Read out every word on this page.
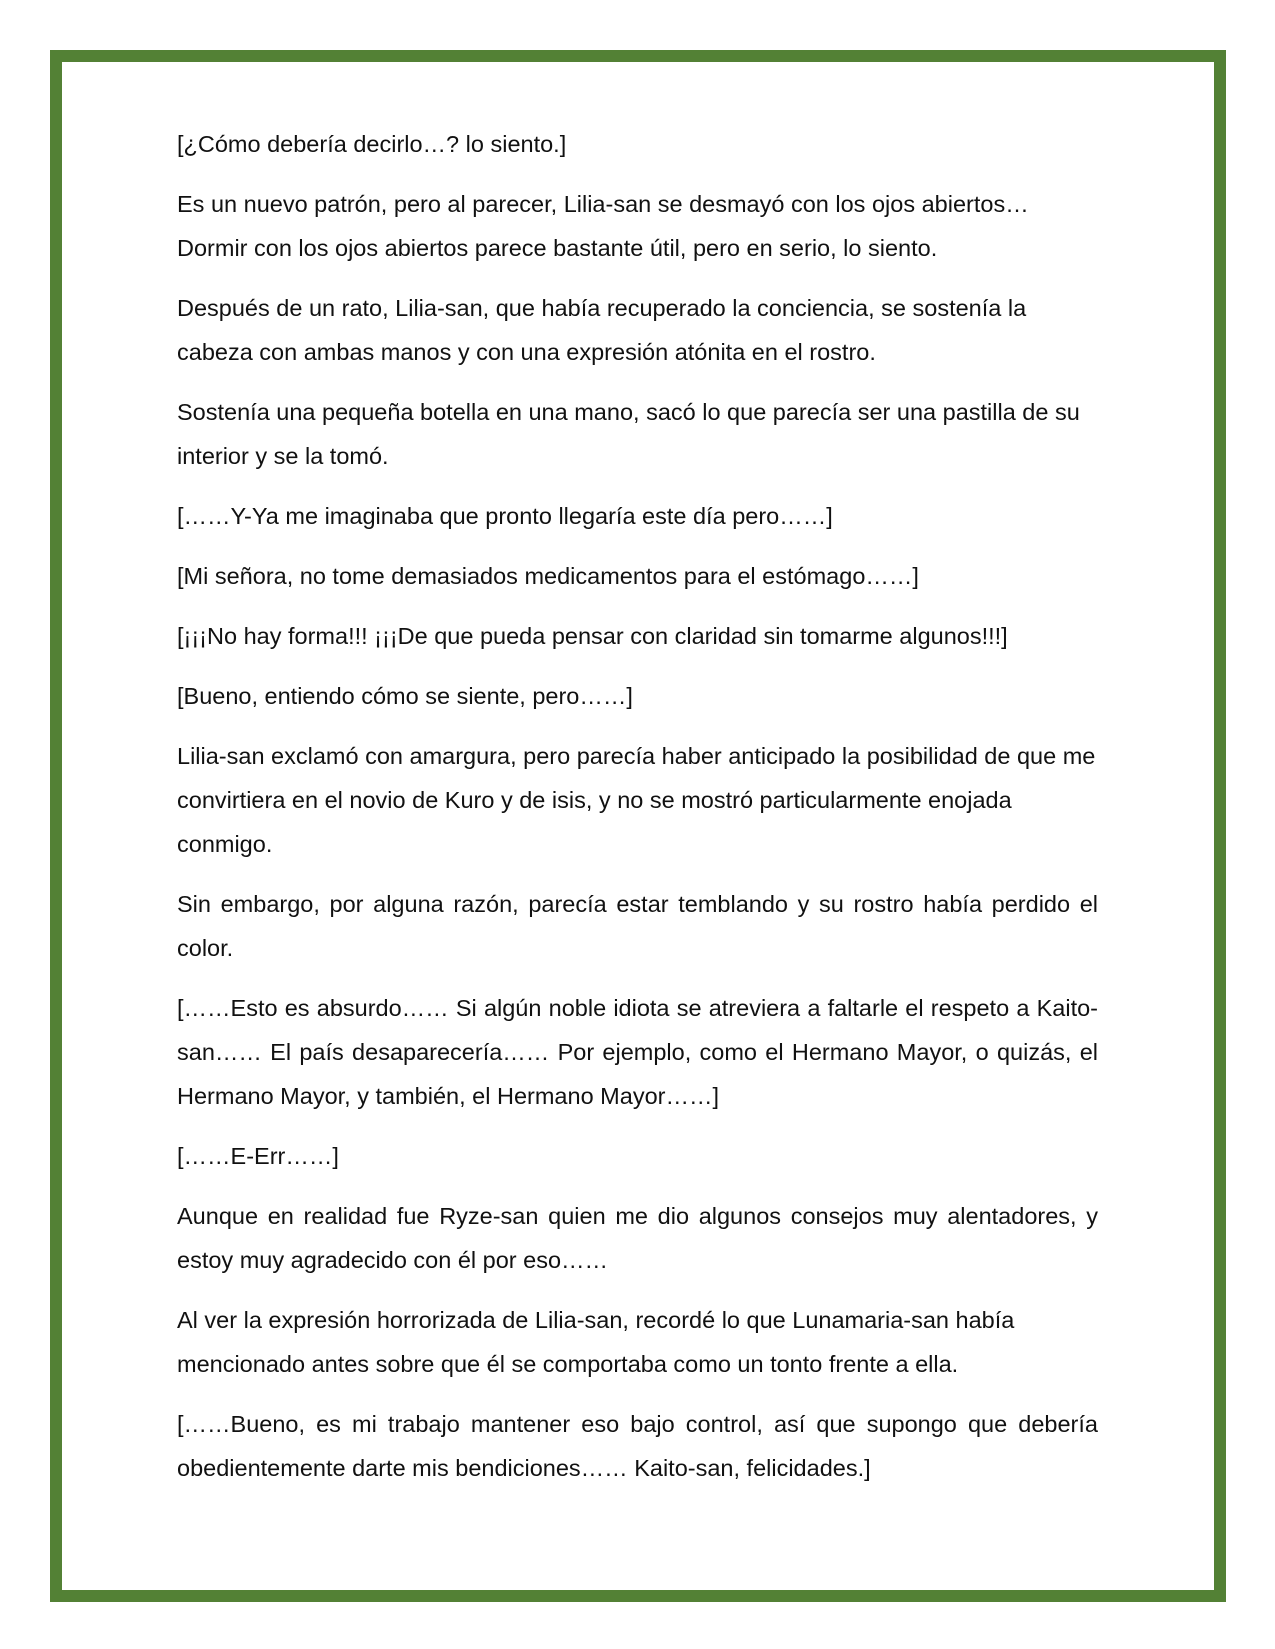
[¿Cómo debería decirlo…? lo siento.]

Es un nuevo patrón, pero al parecer, Lilia-san se desmayó con los ojos abiertos… Dormir con los ojos abiertos parece bastante útil, pero en serio, lo siento.

Después de un rato, Lilia-san, que había recuperado la conciencia, se sostenía la cabeza con ambas manos y con una expresión atónita en el rostro.

Sostenía una pequeña botella en una mano, sacó lo que parecía ser una pastilla de su interior y se la tomó.

[……Y-Ya me imaginaba que pronto llegaría este día pero……]

[Mi señora, no tome demasiados medicamentos para el estómago……]

[¡¡¡No hay forma!!! ¡¡¡De que pueda pensar con claridad sin tomarme algunos!!!]

[Bueno, entiendo cómo se siente, pero……]

Lilia-san exclamó con amargura, pero parecía haber anticipado la posibilidad de que me convirtiera en el novio de Kuro y de isis, y no se mostró particularmente enojada conmigo.

Sin embargo, por alguna razón, parecía estar temblando y su rostro había perdido el color.

[……Esto es absurdo…… Si algún noble idiota se atreviera a faltarle el respeto a Kaito-san…… El país desaparecería…… Por ejemplo, como el Hermano Mayor, o quizás, el Hermano Mayor, y también, el Hermano Mayor……]

[……E-Err……]

Aunque en realidad fue Ryze-san quien me dio algunos consejos muy alentadores, y estoy muy agradecido con él por eso……

Al ver la expresión horrorizada de Lilia-san, recordé lo que Lunamaria-san había mencionado antes sobre que él se comportaba como un tonto frente a ella.

[……Bueno, es mi trabajo mantener eso bajo control, así que supongo que debería obedientemente darte mis bendiciones…… Kaito-san, felicidades.]
